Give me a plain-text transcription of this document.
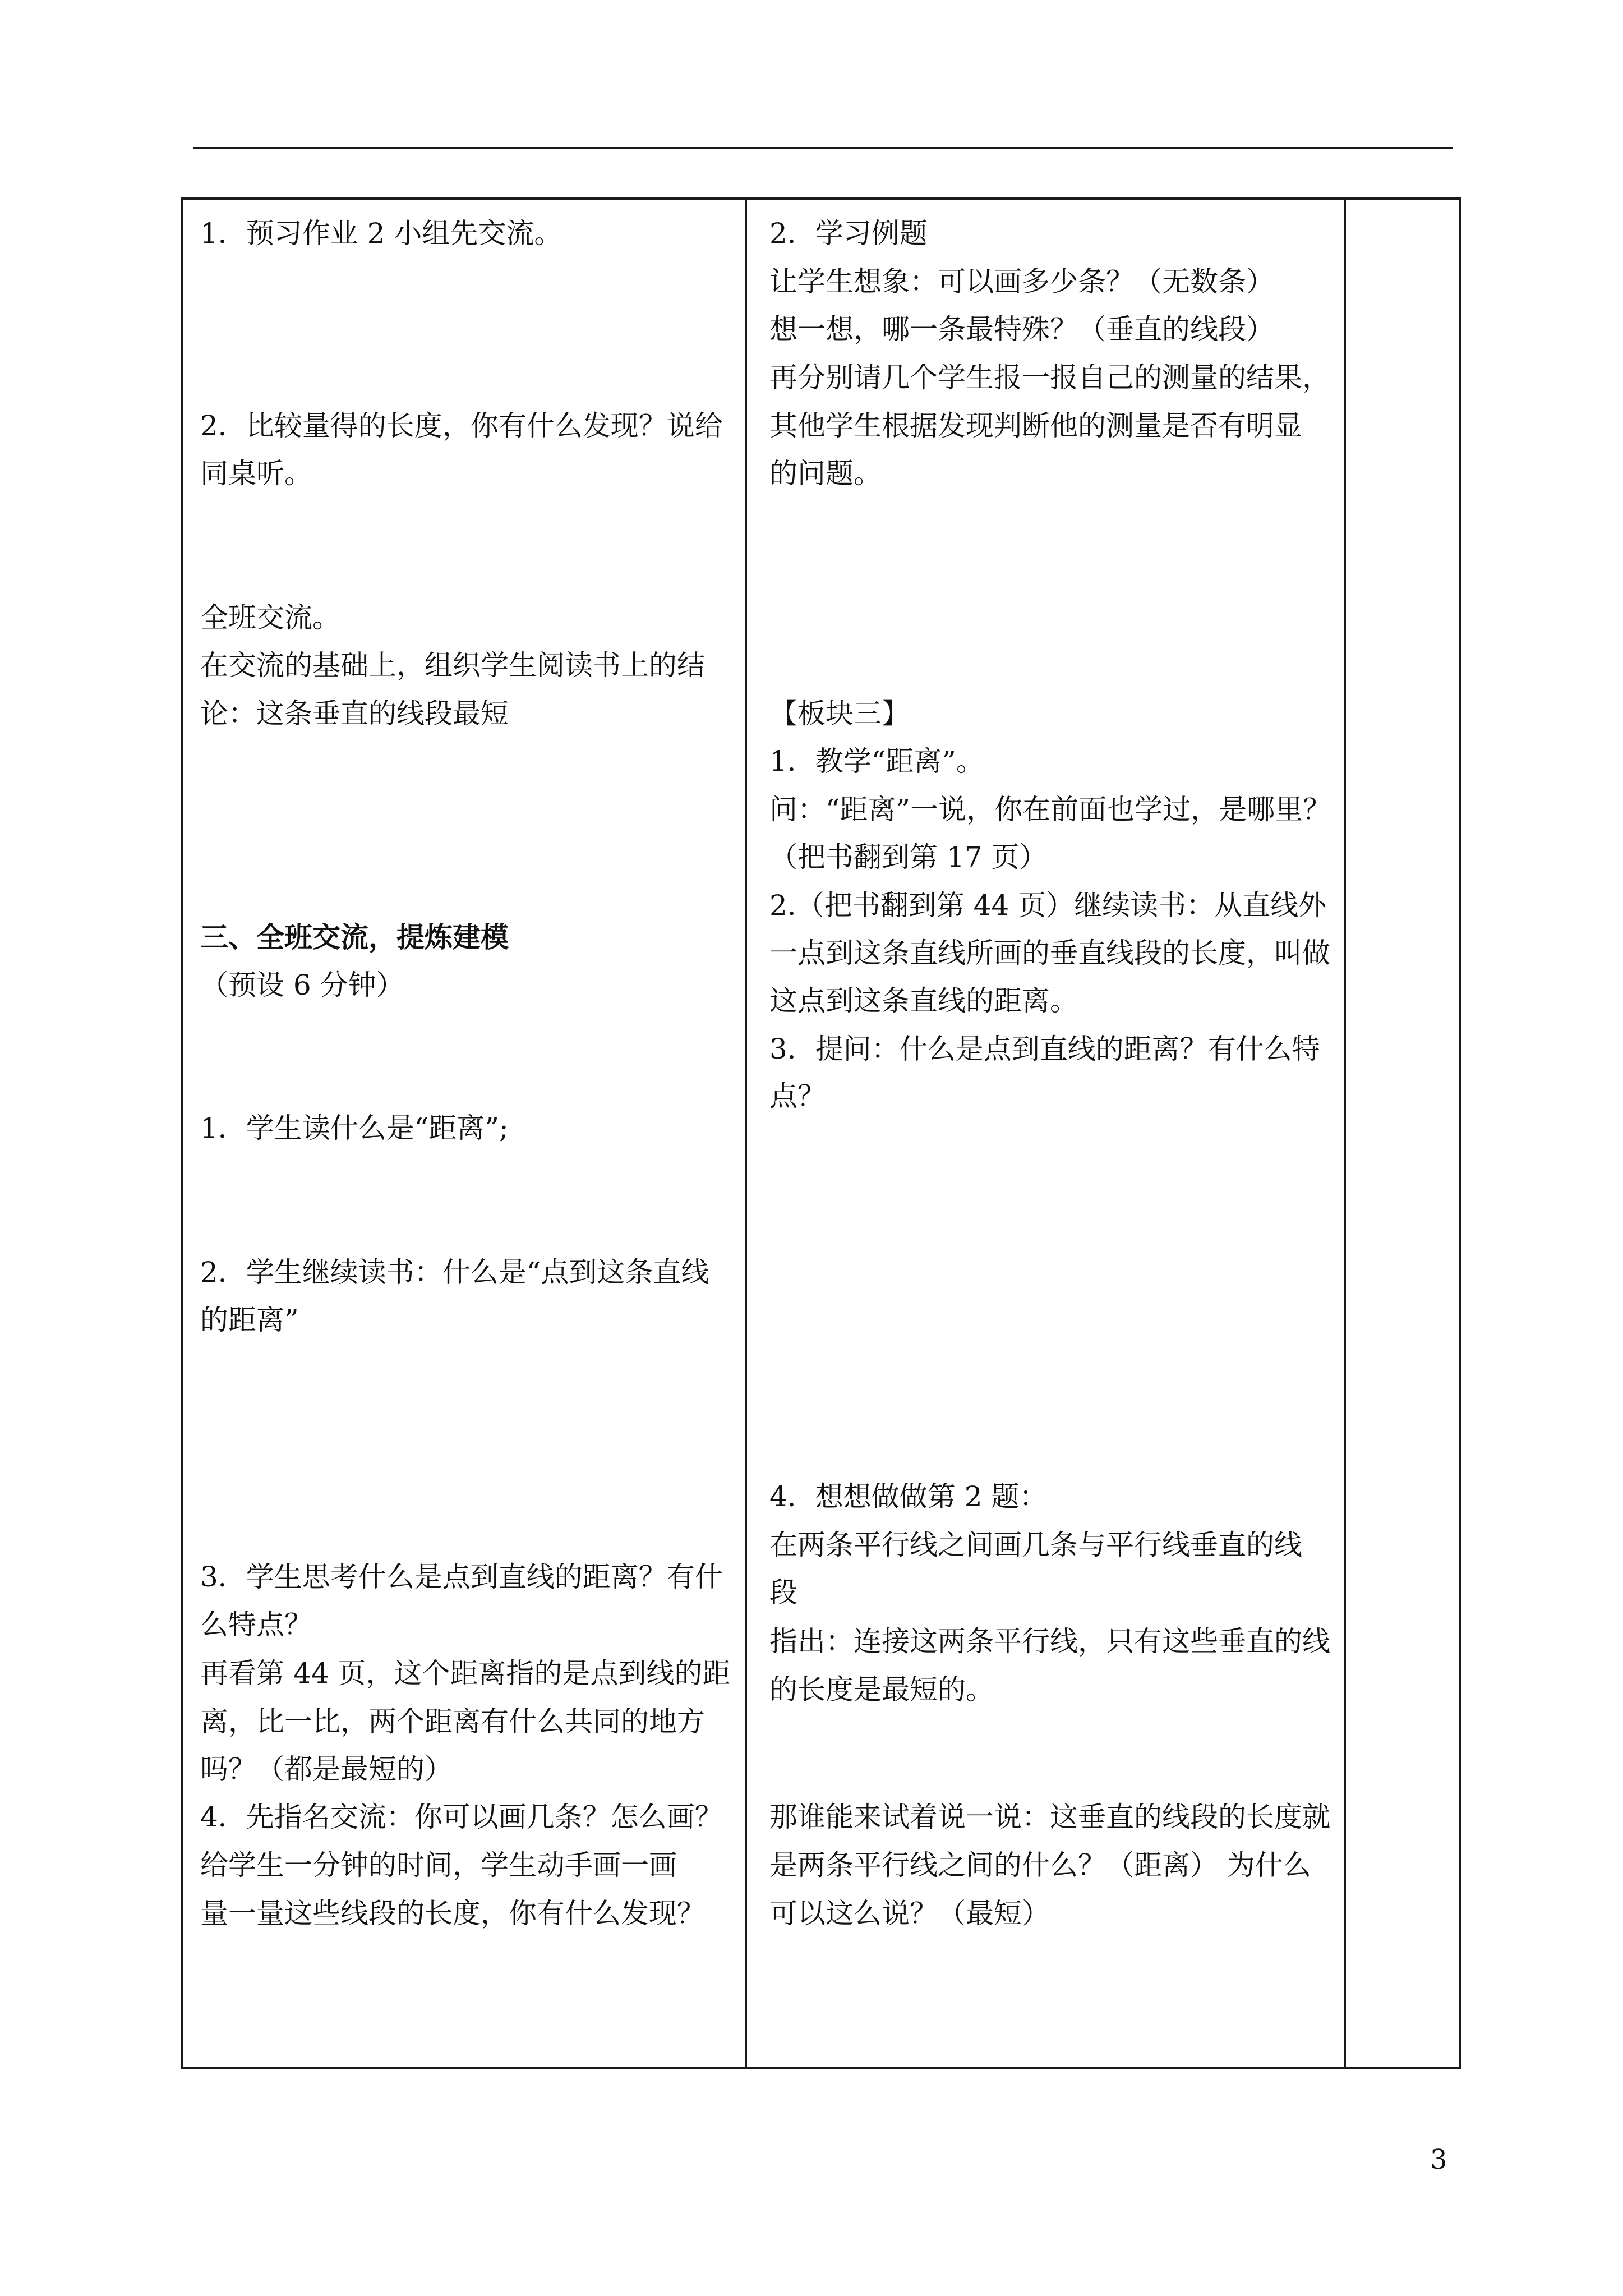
1．预习作业 2 小组先交流。
2．比较量得的长度，你有什么发现？说给
同桌听。
全班交流。
在交流的基础上，组织学生阅读书上的结
论：这条垂直的线段最短
三、全班交流，提炼建模
（预设 6 分钟）
1．学生读什么是“距离”;
2．学生继续读书：什么是“点到这条直线
的距离”
3．学生思考什么是点到直线的距离？有什
么特点？
再看第 44 页，这个距离指的是点到线的距
离，比一比，两个距离有什么共同的地方
吗？（都是最短的）
4．先指名交流：你可以画几条？怎么画？
给学生一分钟的时间，学生动手画一画
量一量这些线段的长度，你有什么发现？
2．学习例题
让学生想象：可以画多少条？（无数条）
想一想，哪一条最特殊？（垂直的线段）
再分别请几个学生报一报自己的测量的结果，
其他学生根据发现判断他的测量是否有明显
的问题。
【板块三】
1．教学“距离”。
问：“距离”一说，你在前面也学过，是哪里？
（把书翻到第 17 页）
2.（把书翻到第 44 页）继续读书：从直线外
一点到这条直线所画的垂直线段的长度，叫做
这点到这条直线的距离。
3．提问：什么是点到直线的距离？有什么特
点？
4．想想做做第 2 题：
在两条平行线之间画几条与平行线垂直的线
段
指出：连接这两条平行线，只有这些垂直的线
的长度是最短的。
那谁能来试着说一说：这垂直的线段的长度就
是两条平行线之间的什么？（距离） 为什么
可以这么说？（最短）
3
